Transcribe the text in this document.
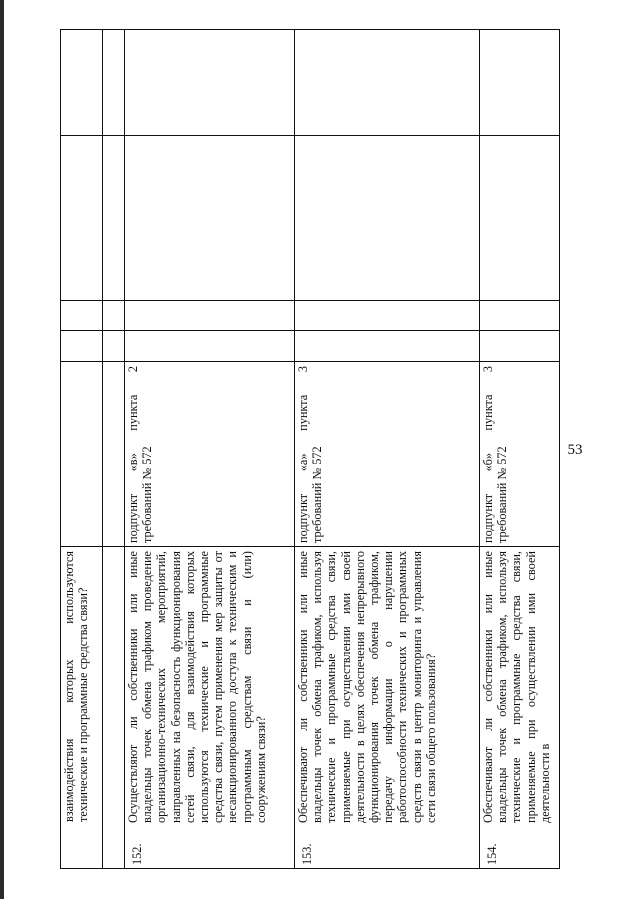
53
взаимодействия которых используются технические и программные средства связи?
152.
Осуществляют ли собственники или иные владельцы точек обмена трафиком проведение организационно-технических мероприятий, направленных на безопасность функционирования сетей связи, для взаимодействия которых используются технические и программные средства связи, путем применения мер защиты от несанкционированного доступа к техническим и программным средствам связи и (или) сооружениям связи?
подпункт «в» пункта 2 требований № 572
153.
Обеспечивают ли собственники или иные владельцы точек обмена трафиком, используя технические и программные средства связи, применяемые при осуществлении ими своей деятельности в целях обеспечения непрерывного функционирования точек обмена трафиком, передачу информации о нарушении работоспособности технических и программных средств связи в центр мониторинга и управления сети связи общего пользования?
подпункт «а» пункта 3 требований № 572
154.
Обеспечивают ли собственники или иные владельцы точек обмена трафиком, используя технические и программные средства связи, применяемые при осуществлении ими своей деятельности в
подпункт «б» пункта 3 требований № 572
